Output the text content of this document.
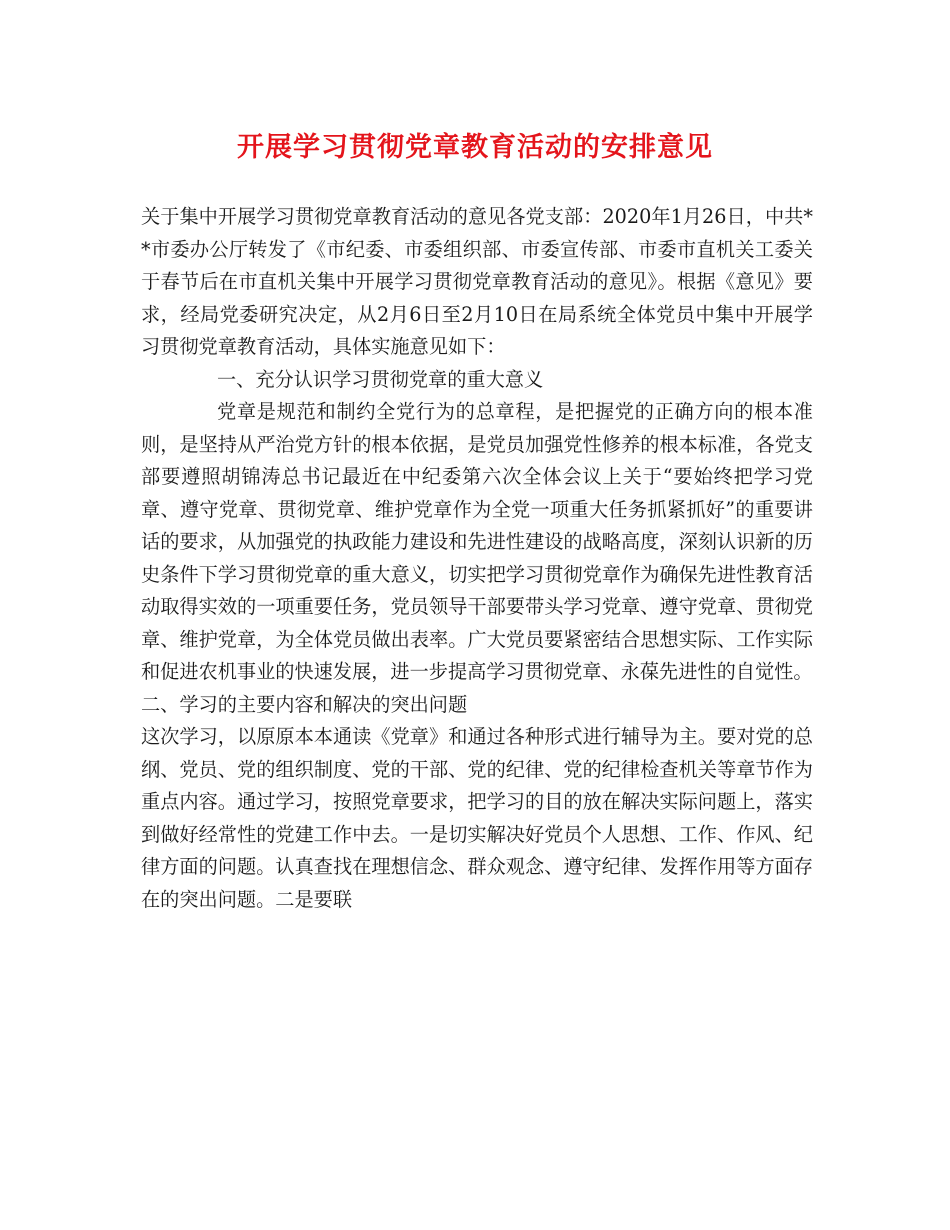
开展学习贯彻党章教育活动的安排意见

关于集中开展学习贯彻党章教育活动的意见各党支部：2020年1月26日，中共**市委办公厅转发了《市纪委、市委组织部、市委宣传部、市委市直机关工委关于春节后在市直机关集中开展学习贯彻党章教育活动的意见》。根据《意见》要求，经局党委研究决定，从2月6日至2月10日在局系统全体党员中集中开展学习贯彻党章教育活动，具体实施意见如下：

一、充分认识学习贯彻党章的重大意义

党章是规范和制约全党行为的总章程，是把握党的正确方向的根本准则，是坚持从严治党方针的根本依据，是党员加强党性修养的根本标准，各党支部要遵照胡锦涛总书记最近在中纪委第六次全体会议上关于“要始终把学习党章、遵守党章、贯彻党章、维护党章作为全党一项重大任务抓紧抓好”的重要讲话的要求，从加强党的执政能力建设和先进性建设的战略高度，深刻认识新的历史条件下学习贯彻党章的重大意义，切实把学习贯彻党章作为确保先进性教育活动取得实效的一项重要任务，党员领导干部要带头学习党章、遵守党章、贯彻党章、维护党章，为全体党员做出表率。广大党员要紧密结合思想实际、工作实际和促进农机事业的快速发展，进一步提高学习贯彻党章、永葆先进性的自觉性。

二、学习的主要内容和解决的突出问题

这次学习，以原原本本通读《党章》和通过各种形式进行辅导为主。要对党的总纲、党员、党的组织制度、党的干部、党的纪律、党的纪律检查机关等章节作为重点内容。通过学习，按照党章要求，把学习的目的放在解决实际问题上，落实到做好经常性的党建工作中去。一是切实解决好党员个人思想、工作、作风、纪律方面的问题。认真查找在理想信念、群众观念、遵守纪律、发挥作用等方面存在的突出问题。二是要联
